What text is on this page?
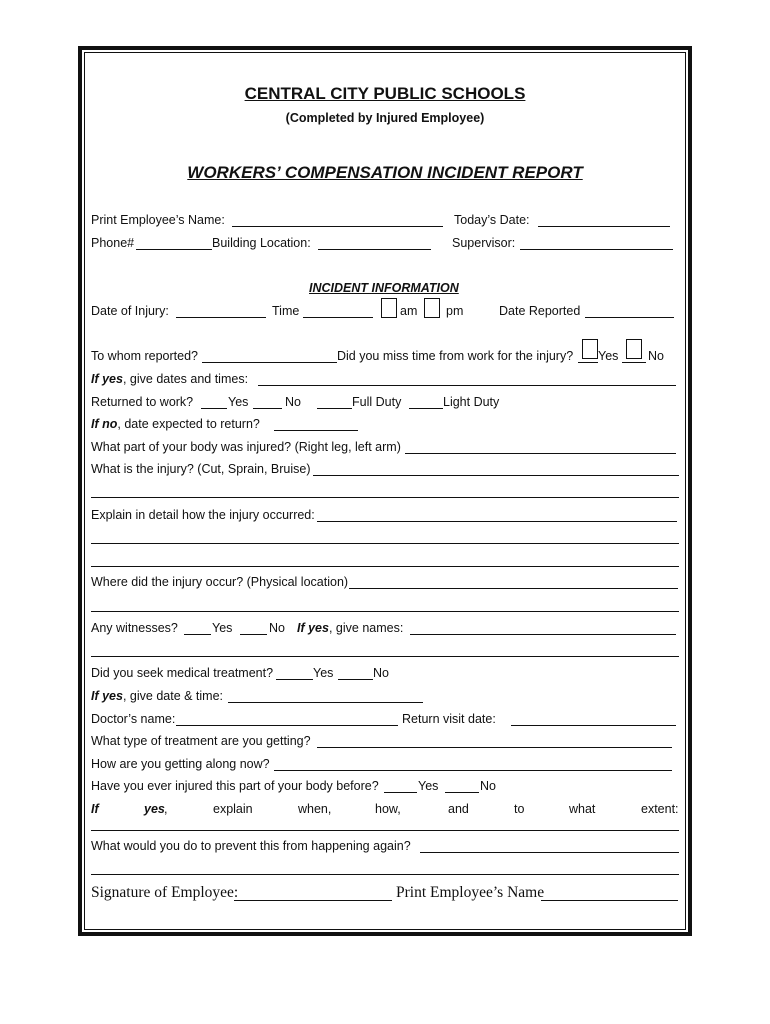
CENTRAL CITY PUBLIC SCHOOLS
(Completed by Injured Employee)
WORKERS’ COMPENSATION INCIDENT REPORT
Print Employee’s Name:	Today’s Date:
Phone#	Building Location:	Supervisor:
INCIDENT INFORMATION
Date of Injury:	Time	am pm	Date Reported
To whom reported?	Did you miss time from work for the injury? Yes No
If yes, give dates and times:
Returned to work?	Yes	No	Full Duty	Light Duty
If no, date expected to return?
What part of your body was injured? (Right leg, left arm)
What is the injury? (Cut, Sprain, Bruise)
Explain in detail how the injury occurred:
Where did the injury occur? (Physical location)
Any witnesses?	Yes	No If yes, give names:
Did you seek medical treatment?	Yes	No
If yes, give date & time:
Doctor’s name:	Return visit date:
What type of treatment are you getting?
How are you getting along now?
Have you ever injured this part of your body before?	Yes	No
If	yes ,	explain	when,	how,	and	to	what	extent:
What would you do to prevent this from happening again?
Signature of Employee:	Print Employee’s Name
